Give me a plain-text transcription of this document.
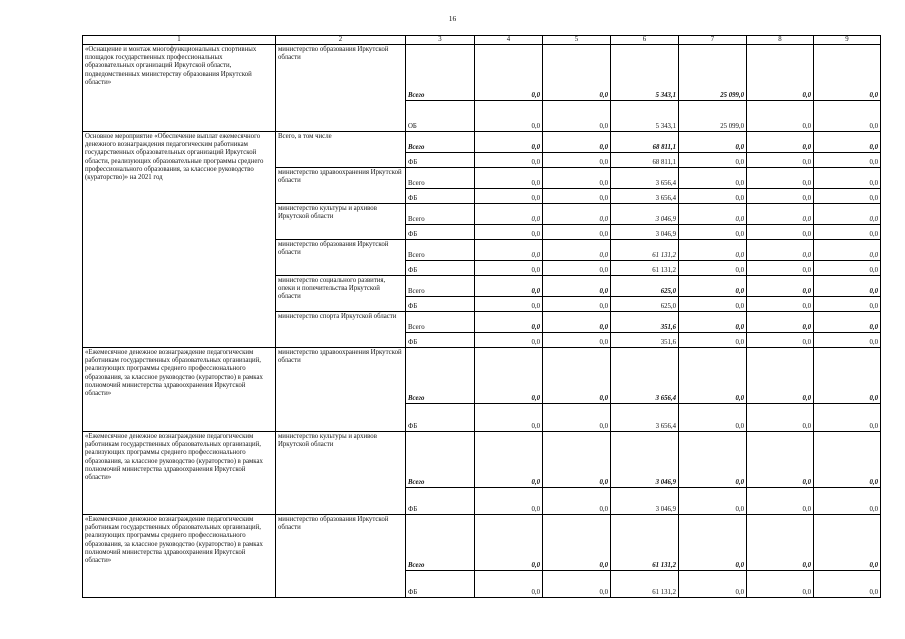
16
1	2	3	4	5	6	7	8	9
«Оснащение и монтаж многофункциональных спортивных площадок государственных профессиональных образовательных организаций Иркутской области, подведомственных министерству образования Иркутской области»	министерство образования Иркутской области	Всего	0,0	0,0	5 343,1	25 099,0	0,0	0,0
		ОБ	0,0	0,0	5 343,1	25 099,0	0,0	0,0
Основное мероприятие «Обеспечение выплат ежемесячного денежного вознаграждения педагогическим работникам государственных образовательных организаций Иркутской области, реализующих образовательные программы среднего профессионального образования, за классное руководство (кураторство)» на 2021 год	Всего, в том числе	Всего	0,0	0,0	68 811,1	0,0	0,0	0,0
		ФБ	0,0	0,0	68 811,1	0,0	0,0	0,0
	министерство здравоохранения Иркутской области	Всего	0,0	0,0	3 656,4	0,0	0,0	0,0
		ФБ	0,0	0,0	3 656,4	0,0	0,0	0,0
	министерство культуры и архивов Иркутской области	Всего	0,0	0,0	3 046,9	0,0	0,0	0,0
		ФБ	0,0	0,0	3 046,9	0,0	0,0	0,0
	министерство образования Иркутской области	Всего	0,0	0,0	61 131,2	0,0	0,0	0,0
		ФБ	0,0	0,0	61 131,2	0,0	0,0	0,0
	министерство социального развития, опеки и попечительства Иркутской области	Всего	0,0	0,0	625,0	0,0	0,0	0,0
		ФБ	0,0	0,0	625,0	0,0	0,0	0,0
	министерство спорта Иркутской области	Всего	0,0	0,0	351,6	0,0	0,0	0,0
		ФБ	0,0	0,0	351,6	0,0	0,0	0,0
«Ежемесячное денежное вознаграждение педагогическим работникам государственных образовательных организаций, реализующих программы среднего профессионального образования, за классное руководство (кураторство) в рамках полномочий министерства здравоохранения Иркутской области»	министерство здравоохранения Иркутской области	Всего	0,0	0,0	3 656,4	0,0	0,0	0,0
		ФБ	0,0	0,0	3 656,4	0,0	0,0	0,0
«Ежемесячное денежное вознаграждение педагогическим работникам государственных образовательных организаций, реализующих программы среднего профессионального образования, за классное руководство (кураторство) в рамках полномочий министерства здравоохранения Иркутской области»	министерство культуры и архивов Иркутской области	Всего	0,0	0,0	3 046,9	0,0	0,0	0,0
		ФБ	0,0	0,0	3 046,9	0,0	0,0	0,0
«Ежемесячное денежное вознаграждение педагогическим работникам государственных образовательных организаций, реализующих программы среднего профессионального образования, за классное руководство (кураторство) в рамках полномочий министерства здравоохранения Иркутской области»	министерство образования Иркутской области	Всего	0,0	0,0	61 131,2	0,0	0,0	0,0
		ФБ	0,0	0,0	61 131,2	0,0	0,0	0,0
